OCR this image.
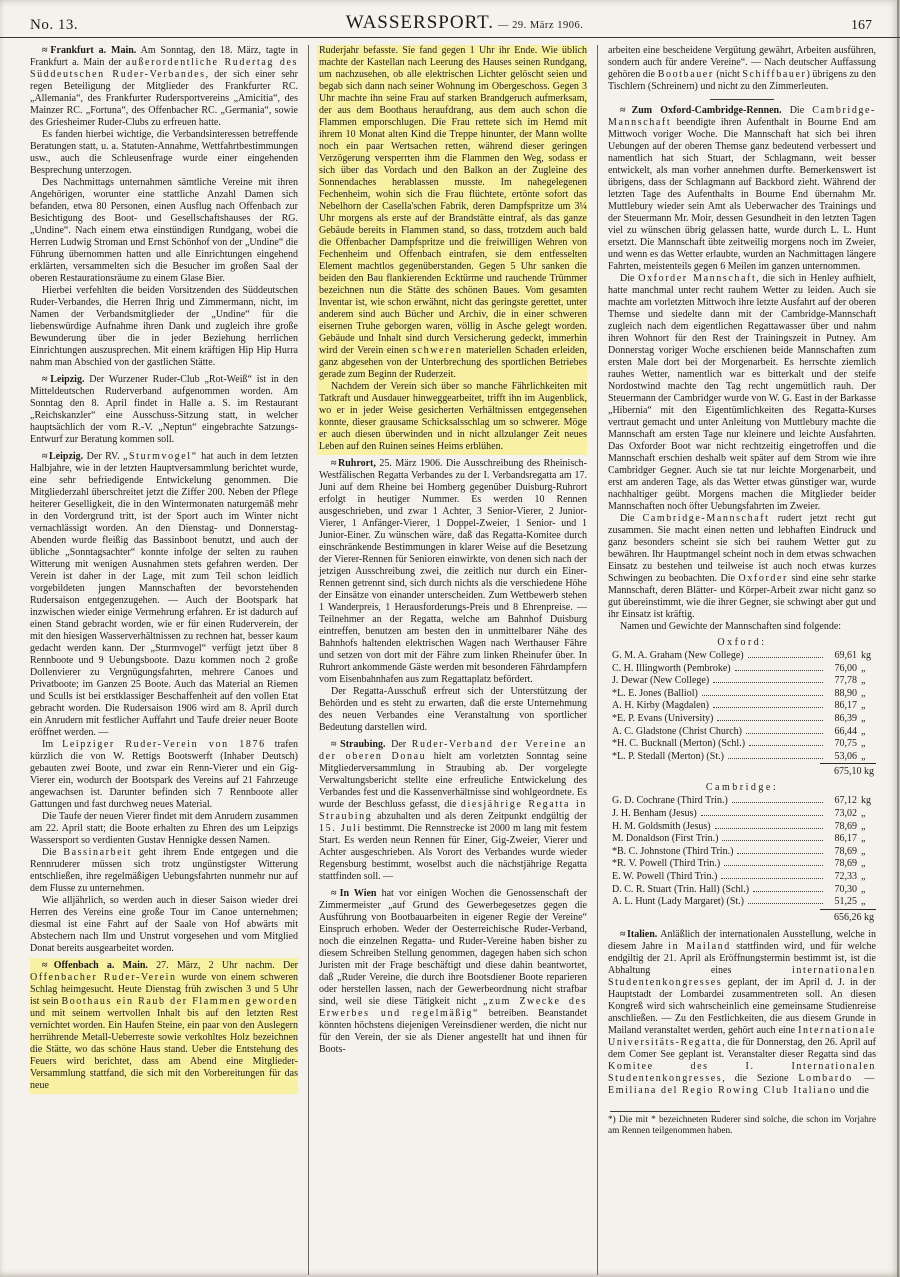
No. 13.	WASSERSPORT. — 29. März 1906.	167

≈ Frankfurt a. Main. Am Sonntag, den 18. März, tagte in Frankfurt a. Main der außerordentliche Rudertag des Süddeutschen Ruder-Verbandes, der sich einer sehr regen Beteiligung der Mitglieder des Frankfurter RC. „Allemania“, des Frankfurter Rudersportvereins „Amicitia“, des Mainzer RC. „Fortuna“, des Offenbacher RC. „Germania“, sowie des Griesheimer Ruder-Clubs zu erfreuen hatte.

Es fanden hierbei wichtige, die Verbandsinteressen betreffende Beratungen statt, u. a. Statuten-Annahme, Wettfahrtbestimmungen usw., auch die Schleusenfrage wurde einer eingehenden Besprechung unterzogen.

Des Nachmittags unternahmen sämtliche Vereine mit ihren Angehörigen, worunter eine stattliche Anzahl Damen sich befanden, etwa 80 Personen, einen Ausflug nach Offenbach zur Besichtigung des Boot- und Gesellschaftshauses der RG. „Undine“. Nach einem etwa einstündigen Rundgang, wobei die Herren Ludwig Stroman und Ernst Schönhof von der „Undine“ die Führung übernommen hatten und alle Einrichtungen eingehend erklärten, versammelten sich die Besucher im großen Saal der oberen Restaurationsräume zu einem Glase Bier.

Hierbei verfehlten die beiden Vorsitzenden des Süddeutschen Ruder-Verbandes, die Herren Ihrig und Zimmermann, nicht, im Namen der Verbandsmitglieder der „Undine“ für die liebenswürdige Aufnahme ihren Dank und zugleich ihre große Bewunderung über die in jeder Beziehung herrlichen Einrichtungen auszusprechen. Mit einem kräftigen Hip Hip Hurra nahm man Abschied von der gastlichen Stätte.

≈ Leipzig. Der Wurzener Ruder-Club „Rot-Weiß“ ist in den Mitteldeutschen Ruderverband aufgenommen worden. Am Sonntag den 8. April findet in Halle a. S. im Restaurant „Reichskanzler“ eine Ausschuss-Sitzung statt, in welcher hauptsächlich der vom R.-V. „Neptun“ eingebrachte Satzungs-Entwurf zur Beratung kommen soll.

≈ Leipzig. Der RV. „Sturmvogel“ hat auch in dem letzten Halbjahre, wie in der letzten Hauptversammlung berichtet wurde, eine sehr befriedigende Entwickelung genommen. Die Mitgliederzahl überschreitet jetzt die Ziffer 200. Neben der Pflege heiterer Geselligkeit, die in den Wintermonaten naturgemäß mehr in den Vordergrund tritt, ist der Sport auch im Winter nicht vernachlässigt worden. An den Dienstag- und Donnerstag-Abenden wurde fleißig das Bassinboot benutzt, und auch der übliche „Sonntagsachter“ konnte infolge der selten zu rauhen Witterung mit wenigen Ausnahmen stets gefahren werden. Der Verein ist daher in der Lage, mit zum Teil schon leidlich vorgebildeten jungen Mannschaften der bevorstehenden Rudersaison entgegenzugehen. — Auch der Bootspark hat inzwischen wieder einige Vermehrung erfahren. Er ist dadurch auf einen Stand gebracht worden, wie er für einen Ruderverein, der mit den hiesigen Wasserverhältnissen zu rechnen hat, besser kaum gedacht werden kann. Der „Sturmvogel“ verfügt jetzt über 8 Rennboote und 9 Uebungsboote. Dazu kommen noch 2 große Dollenvierer zu Vergnügungsfahrten, mehrere Canoes und Privatboote; im Ganzen 25 Boote. Auch das Material an Riemen und Sculls ist bei erstklassiger Beschaffenheit auf den vollen Etat gebracht worden. Die Rudersaison 1906 wird am 8. April durch ein Anrudern mit festlicher Auffahrt und Taufe dreier neuer Boote eröffnet werden. —

Im Leipziger Ruder-Verein von 1876 trafen kürzlich die von W. Rettigs Bootswerft (Inhaber Deutsch) gebauten zwei Boote, und zwar ein Renn-Vierer und ein Gig-Vierer ein, wodurch der Bootspark des Vereins auf 21 Fahrzeuge angewachsen ist. Darunter befinden sich 7 Rennboote aller Gattungen und fast durchweg neues Material.

Die Taufe der neuen Vierer findet mit dem Anrudern zusammen am 22. April statt; die Boote erhalten zu Ehren des um Leipzigs Wassersport so verdienten Gustav Hennigke dessen Namen.

Die Bassinarbeit geht ihrem Ende entgegen und die Rennruderer müssen sich trotz ungünstigster Witterung entschließen, ihre regelmäßigen Uebungsfahrten nunmehr nur auf dem Flusse zu unternehmen.

Wie alljährlich, so werden auch in dieser Saison wieder drei Herren des Vereins eine große Tour im Canoe unternehmen; diesmal ist eine Fahrt auf der Saale von Hof abwärts mit Abstechern nach Ilm und Unstrut vorgesehen und vom Mitglied Donat bereits ausgearbeitet worden.

≈ Offenbach a. Main. 27. März, 2 Uhr nachm. Der Offenbacher Ruder-Verein wurde von einem schweren Schlag heimgesucht. Heute Dienstag früh zwischen 3 und 5 Uhr ist sein Boothaus ein Raub der Flammen geworden und mit seinem wertvollen Inhalt bis auf den letzten Rest vernichtet worden. Ein Haufen Steine, ein paar von den Auslegern herrührende Metall-Ueberreste sowie verkohltes Holz bezeichnen die Stätte, wo das schöne Haus stand. Ueber die Entstehung des Feuers wird berichtet, dass am Abend eine Mitglieder-Versammlung stattfand, die sich mit den Vorbereitungen für das neue

Ruderjahr befasste. Sie fand gegen 1 Uhr ihr Ende. Wie üblich machte der Kastellan nach Leerung des Hauses seinen Rundgang, um nachzusehen, ob alle elektrischen Lichter gelöscht seien und begab sich dann nach seiner Wohnung im Obergeschoss. Gegen 3 Uhr machte ihn seine Frau auf starken Brandgeruch aufmerksam, der aus dem Boothaus heraufdrang, aus dem auch schon die Flammen emporschlugen. Die Frau rettete sich im Hemd mit ihrem 10 Monat alten Kind die Treppe hinunter, der Mann wollte noch ein paar Wertsachen retten, während dieser geringen Verzögerung versperrten ihm die Flammen den Weg, sodass er sich über das Vordach und den Balkon an der Zugleine des Sonnendaches herablassen musste. Im nahegelegenen Fechenheim, wohin sich die Frau flüchtete, ertönte sofort das Nebelhorn der Casella'schen Fabrik, deren Dampfspritze um 3¼ Uhr morgens als erste auf der Brandstätte eintraf, als das ganze Gebäude bereits in Flammen stand, so dass, trotzdem auch bald die Offenbacher Dampfspritze und die freiwilligen Wehren von Fechenheim und Offenbach eintrafen, sie dem entfesselten Element machtlos gegenüberstanden. Gegen 5 Uhr sanken die beiden den Bau flankierenden Ecktürme und rauchende Trümmer bezeichnen nun die Stätte des schönen Baues. Vom gesamten Inventar ist, wie schon erwähnt, nicht das geringste gerettet, unter anderem sind auch Bücher und Archiv, die in einer schweren eisernen Truhe geborgen waren, völlig in Asche gelegt worden. Gebäude und Inhalt sind durch Versicherung gedeckt, immerhin wird der Verein einen schweren materiellen Schaden erleiden, ganz abgesehen von der Unterbrechung des sportlichen Betriebes gerade zum Beginn der Ruderzeit.

Nachdem der Verein sich über so manche Fährlichkeiten mit Tatkraft und Ausdauer hinweggearbeitet, trifft ihn im Augenblick, wo er in jeder Weise gesicherten Verhältnissen entgegensehen konnte, dieser grausame Schicksalsschlag um so schwerer. Möge er auch diesen überwinden und in nicht allzulanger Zeit neues Leben auf den Ruinen seines Heims erblühen.

≈ Ruhrort, 25. März 1906. Die Ausschreibung des Rheinisch-Westfälischen Regatta Verbandes zu der I. Verbandsregatta am 17. Juni auf dem Rheine bei Homberg gegenüber Duisburg-Ruhrort erfolgt in heutiger Nummer. Es werden 10 Rennen ausgeschrieben, und zwar 1 Achter, 3 Senior-Vierer, 2 Junior-Vierer, 1 Anfänger-Vierer, 1 Doppel-Zweier, 1 Senior- und 1 Junior-Einer. Zu wünschen wäre, daß das Regatta-Komitee durch einschränkende Bestimmungen in klarer Weise auf die Besetzung der Vierer-Rennen für Senioren einwirkte, von denen sich nach der jetzigen Ausschreibung zwei, die zeitlich nur durch ein Einer-Rennen getrennt sind, sich durch nichts als die verschiedene Höhe der Einsätze von einander unterscheiden. Zum Wettbewerb stehen 1 Wanderpreis, 1 Herausforderungs-Preis und 8 Ehrenpreise. — Teilnehmer an der Regatta, welche am Bahnhof Duisburg eintreffen, benutzen am besten den in unmittelbarer Nähe des Bahnhofs haltenden elektrischen Wagen nach Werthauser Fähre und setzen von dort mit der Fähre zum linken Rheinufer über. In Ruhrort ankommende Gäste werden mit besonderen Fährdampfern vom Eisenbahnhafen aus zum Regattaplatz befördert.

Der Regatta-Ausschuß erfreut sich der Unterstützung der Behörden und es steht zu erwarten, daß die erste Unternehmung des neuen Verbandes eine Veranstaltung von sportlicher Bedeutung darstellen wird.

≈ Straubing. Der Ruder-Verband der Vereine an der oberen Donau hielt am vorletzten Sonntag seine Mitgliederversammlung in Straubing ab. Der vorgelegte Verwaltungsbericht stellte eine erfreuliche Entwickelung des Verbandes fest und die Kassenverhältnisse sind wohlgeordnete. Es wurde der Beschluss gefasst, die diesjährige Regatta in Straubing abzuhalten und als deren Zeitpunkt endgültig der 15. Juli bestimmt. Die Rennstrecke ist 2000 m lang mit festem Start. Es werden neun Rennen für Einer, Gig-Zweier, Vierer und Achter ausgeschrieben. Als Vorort des Verbandes wurde wieder Regensburg bestimmt, woselbst auch die nächstjährige Regatta stattfinden soll. —

≈ In Wien hat vor einigen Wochen die Genossenschaft der Zimmermeister „auf Grund des Gewerbegesetzes gegen die Ausführung von Bootbauarbeiten in eigener Regie der Vereine“ Einspruch erhoben. Weder der Oesterreichische Ruder-Verband, noch die einzelnen Regatta- und Ruder-Vereine haben bisher zu diesem Schreiben Stellung genommen, dagegen haben sich schon Juristen mit der Frage beschäftigt und diese dahin beantwortet, daß „Ruder Vereine, die durch ihre Bootsdiener Boote reparieren oder herstellen lassen, nach der Gewerbeordnung nicht strafbar sind, weil sie diese Tätigkeit nicht „zum Zwecke des Erwerbes und regelmäßig“ betreiben. Beanstandet könnten höchstens diejenigen Vereinsdiener werden, die nicht nur für den Verein, der sie als Diener angestellt hat und ihnen für Boots-

arbeiten eine bescheidene Vergütung gewährt, Arbeiten ausführen, sondern auch für andere Vereine“. — Nach deutscher Auffassung gehören die Bootbauer (nicht Schiffbauer) übrigens zu den Tischlern (Schreinern) und nicht zu den Zimmerleuten.

≈ Zum Oxford-Cambridge-Rennen. Die Cambridge-Mannschaft beendigte ihren Aufenthalt in Bourne End am Mittwoch voriger Woche. Die Mannschaft hat sich bei ihren Uebungen auf der oberen Themse ganz bedeutend verbessert und namentlich hat sich Stuart, der Schlagmann, weit besser entwickelt, als man vorher annehmen durfte. Bemerkenswert ist übrigens, dass der Schlagmann auf Backbord zieht. Während der letzten Tage des Aufenthalts in Bourne End übernahm Mr. Muttlebury wieder sein Amt als Ueberwacher des Trainings und der Steuermann Mr. Moir, dessen Gesundheit in den letzten Tagen viel zu wünschen übrig gelassen hatte, wurde durch L. L. Hunt ersetzt. Die Mannschaft übte zeitweilig morgens noch im Zweier, und wenn es das Wetter erlaubte, wurden an Nachmittagen längere Fahrten, meistenteils gegen 6 Meilen im ganzen unternommen.

Die Oxforder Mannschaft, die sich in Henley aufhielt, hatte manchmal unter recht rauhem Wetter zu leiden. Auch sie machte am vorletzten Mittwoch ihre letzte Ausfahrt auf der oberen Themse und siedelte dann mit der Cambridge-Mannschaft zugleich nach dem eigentlichen Regattawasser über und nahm ihren Wohnort für den Rest der Trainingszeit in Putney. Am Donnerstag voriger Woche erschienen beide Mannschaften zum ersten Male dort bei der Morgenarbeit. Es herrschte ziemlich rauhes Wetter, namentlich war es bitterkalt und der steife Nordostwind machte den Tag recht ungemütlich rauh. Der Steuermann der Cambridger wurde von W. G. East in der Barkasse „Hibernia“ mit den Eigentümlichkeiten des Regatta-Kurses vertraut gemacht und unter Anleitung von Muttlebury machte die Mannschaft am ersten Tage nur kleinere und leichte Ausfahrten. Das Oxforder Boot war nicht rechtzeitig eingetroffen und die Mannschaft erschien deshalb weit später auf dem Strom wie ihre Cambridger Gegner. Auch sie tat nur leichte Morgenarbeit, und erst am anderen Tage, als das Wetter etwas günstiger war, wurde nachhaltiger geübt. Morgens machen die Mitglieder beider Mannschaften noch öfter Uebungsfahrten im Zweier.

Die Cambridge-Mannschaft rudert jetzt recht gut zusammen. Sie macht einen netten und lebhaften Eindruck und ganz besonders scheint sie sich bei rauhem Wetter gut zu bewähren. Ihr Hauptmangel scheint noch in dem etwas schwachen Einsatz zu bestehen und teilweise ist auch noch etwas kurzes Schwingen zu beobachten. Die Oxforder sind eine sehr starke Mannschaft, deren Blätter- und Körper-Arbeit zwar nicht ganz so gut übereinstimmt, wie die ihrer Gegner, sie schwingt aber gut und ihr Einsatz ist kräftig.

Namen und Gewichte der Mannschaften sind folgende:

Oxford:
G. M. A. Graham (New College)	69,61 kg
C. H. Illingworth (Pembroke)	76,00 „
J. Dewar (New College)	77,78 „
*L. E. Jones (Balliol)	88,90 „
A. H. Kirby (Magdalen)	86,17 „
*E. P. Evans (University)	86,39 „
A. C. Gladstone (Christ Church)	66,44 „
*H. C. Bucknall (Merton) (Schl.)	70,75 „
*L. P. Stedall (Merton) (St.)	53,06 „
675,10 kg
Cambridge:
G. D. Cochrane (Third Trin.)	67,12 kg
J. H. Benham (Jesus)	73,02 „
H. M. Goldsmith (Jesus)	78,69 „
M. Donaldson (First Trin.)	86,17 „
*B. C. Johnstone (Third Trin.)	78,69 „
*R. V. Powell (Third Trin.)	78,69 „
E. W. Powell (Third Trin.)	72,33 „
D. C. R. Stuart (Trin. Hall) (Schl.)	70,30 „
A. L. Hunt (Lady Margaret) (St.)	51,25 „
656,26 kg

≈ Italien. Anläßlich der internationalen Ausstellung, welche in diesem Jahre in Mailand stattfinden wird, und für welche endgiltig der 21. April als Eröffnungstermin bestimmt ist, ist die Abhaltung eines internationalen Studentenkongresses geplant, der im April d. J. in der Hauptstadt der Lombardei zusammentreten soll. An diesen Kongreß wird sich wahrscheinlich eine gemeinsame Studienreise anschließen. — Zu den Festlichkeiten, die aus diesem Grunde in Mailand veranstaltet werden, gehört auch eine Internationale Universitäts-Regatta, die für Donnerstag, den 26. April auf dem Comer See geplant ist. Veranstalter dieser Regatta sind das Komitee des I. Internationalen Studentenkongresses, die Sezione Lombardo — Emiliana del Regio Rowing Club Italiano und die

*) Die mit * bezeichneten Ruderer sind solche, die schon im Vorjahre am Rennen teilgenommen haben.
